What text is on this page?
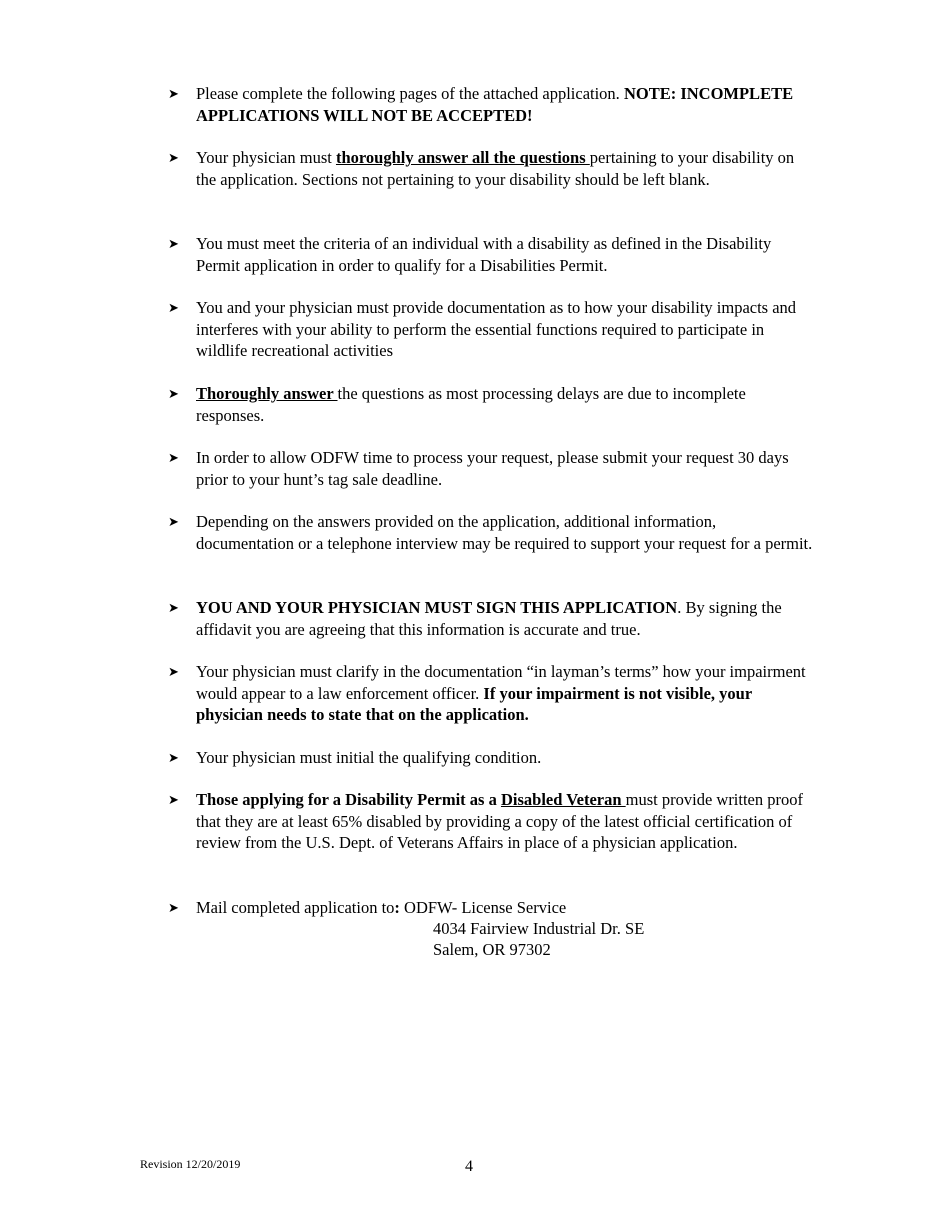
➤	Please complete the following pages of the attached application. NOTE: INCOMPLETE APPLICATIONS WILL NOT BE ACCEPTED!
➤	Your physician must thoroughly answer all the questions pertaining to your disability on the application. Sections not pertaining to your disability should be left blank.
➤	You must meet the criteria of an individual with a disability as defined in the Disability Permit application in order to qualify for a Disabilities Permit.
➤	You and your physician must provide documentation as to how your disability impacts and interferes with your ability to perform the essential functions required to participate in wildlife recreational activities
➤	Thoroughly answer the questions as most processing delays are due to incomplete responses.
➤	In order to allow ODFW time to process your request, please submit your request 30 days prior to your hunt’s tag sale deadline.
➤	Depending on the answers provided on the application, additional information, documentation or a telephone interview may be required to support your request for a permit.
➤	YOU AND YOUR PHYSICIAN MUST SIGN THIS APPLICATION. By signing the affidavit you are agreeing that this information is accurate and true.
➤	Your physician must clarify in the documentation “in layman’s terms” how your impairment would appear to a law enforcement officer. If your impairment is not visible, your physician needs to state that on the application.
➤	Your physician must initial the qualifying condition.
➤	Those applying for a Disability Permit as a Disabled Veteran must provide written proof that they are at least 65% disabled by providing a copy of the latest official certification of review from the U.S. Dept. of Veterans Affairs in place of a physician application.
➤	Mail completed application to: ODFW- License Service
4034 Fairview Industrial Dr. SE
Salem, OR 97302
Revision 12/20/2019	4
